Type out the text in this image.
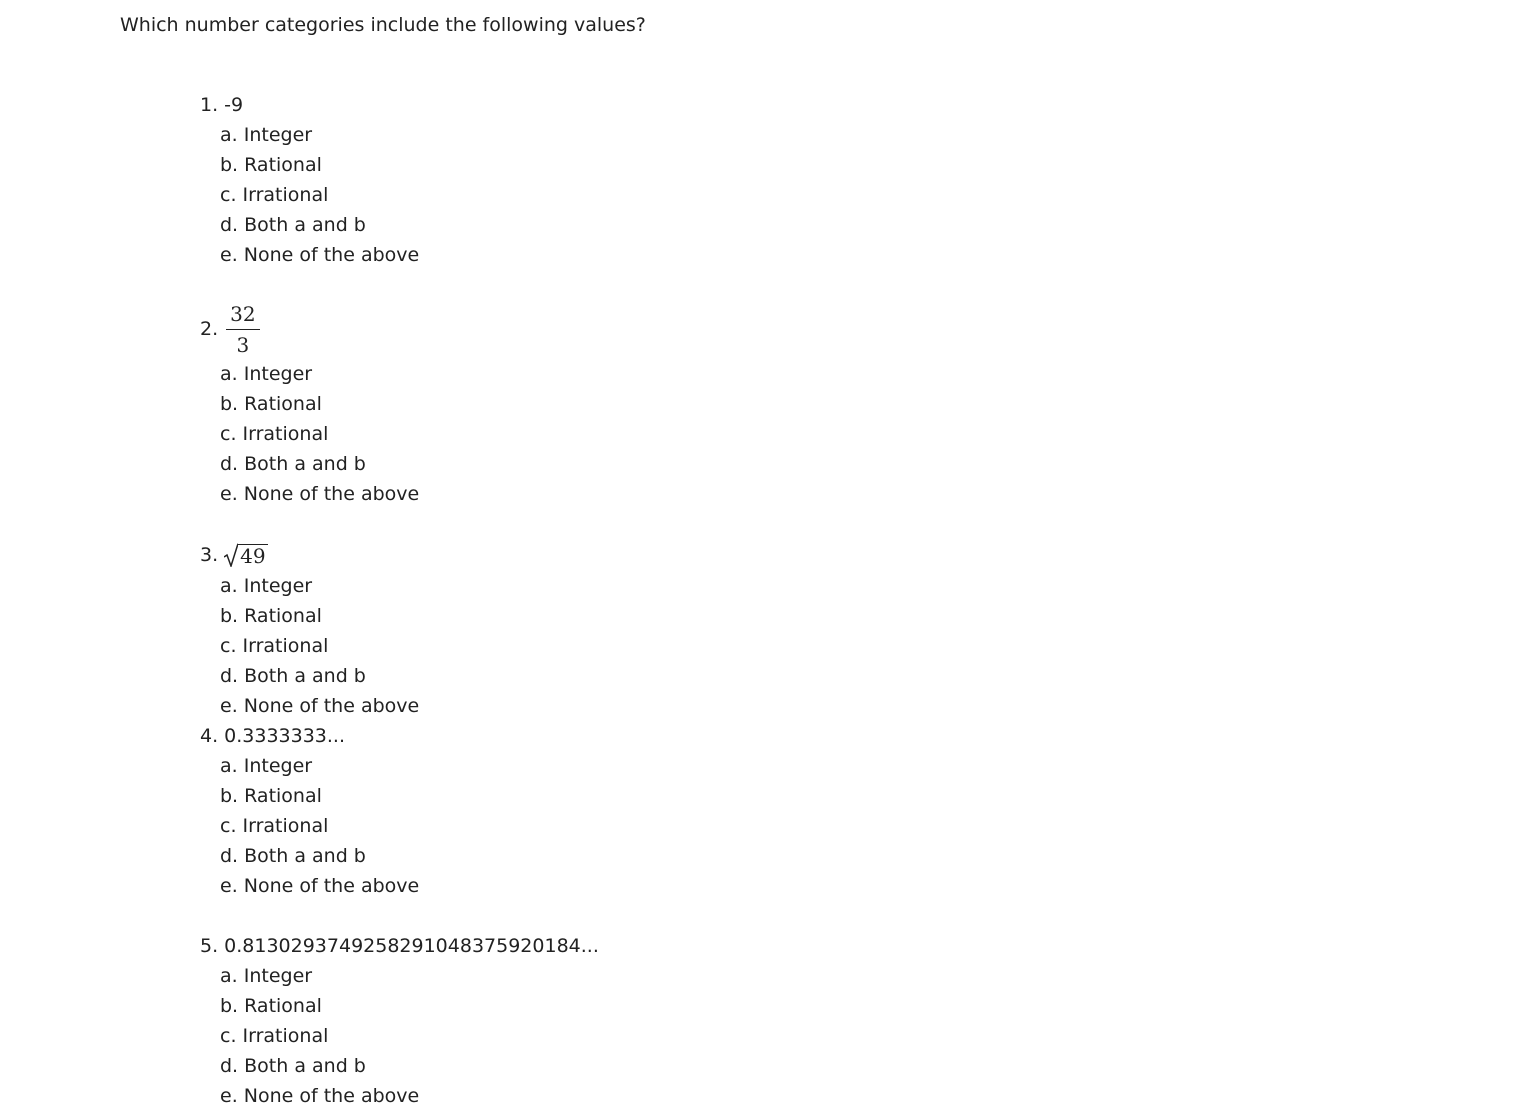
Which number categories include the following values?
1. -9
a. Integer
b. Rational
c. Irrational
d. Both a and b
e. None of the above
2. $\frac{32}{3}$
a. Integer
b. Rational
c. Irrational
d. Both a and b
e. None of the above
3. 49
a. Integer
b. Rational
c. Irrational
d. Both a and b
e. None of the above
4. 0.3333333...
a. Integer
b. Rational
c. Irrational
d. Both a and b
e. None of the above
5. 0.81302937492582910483759201​84...
a. Integer
b. Rational
c. Irrational
d. Both a and b
e. None of the above
